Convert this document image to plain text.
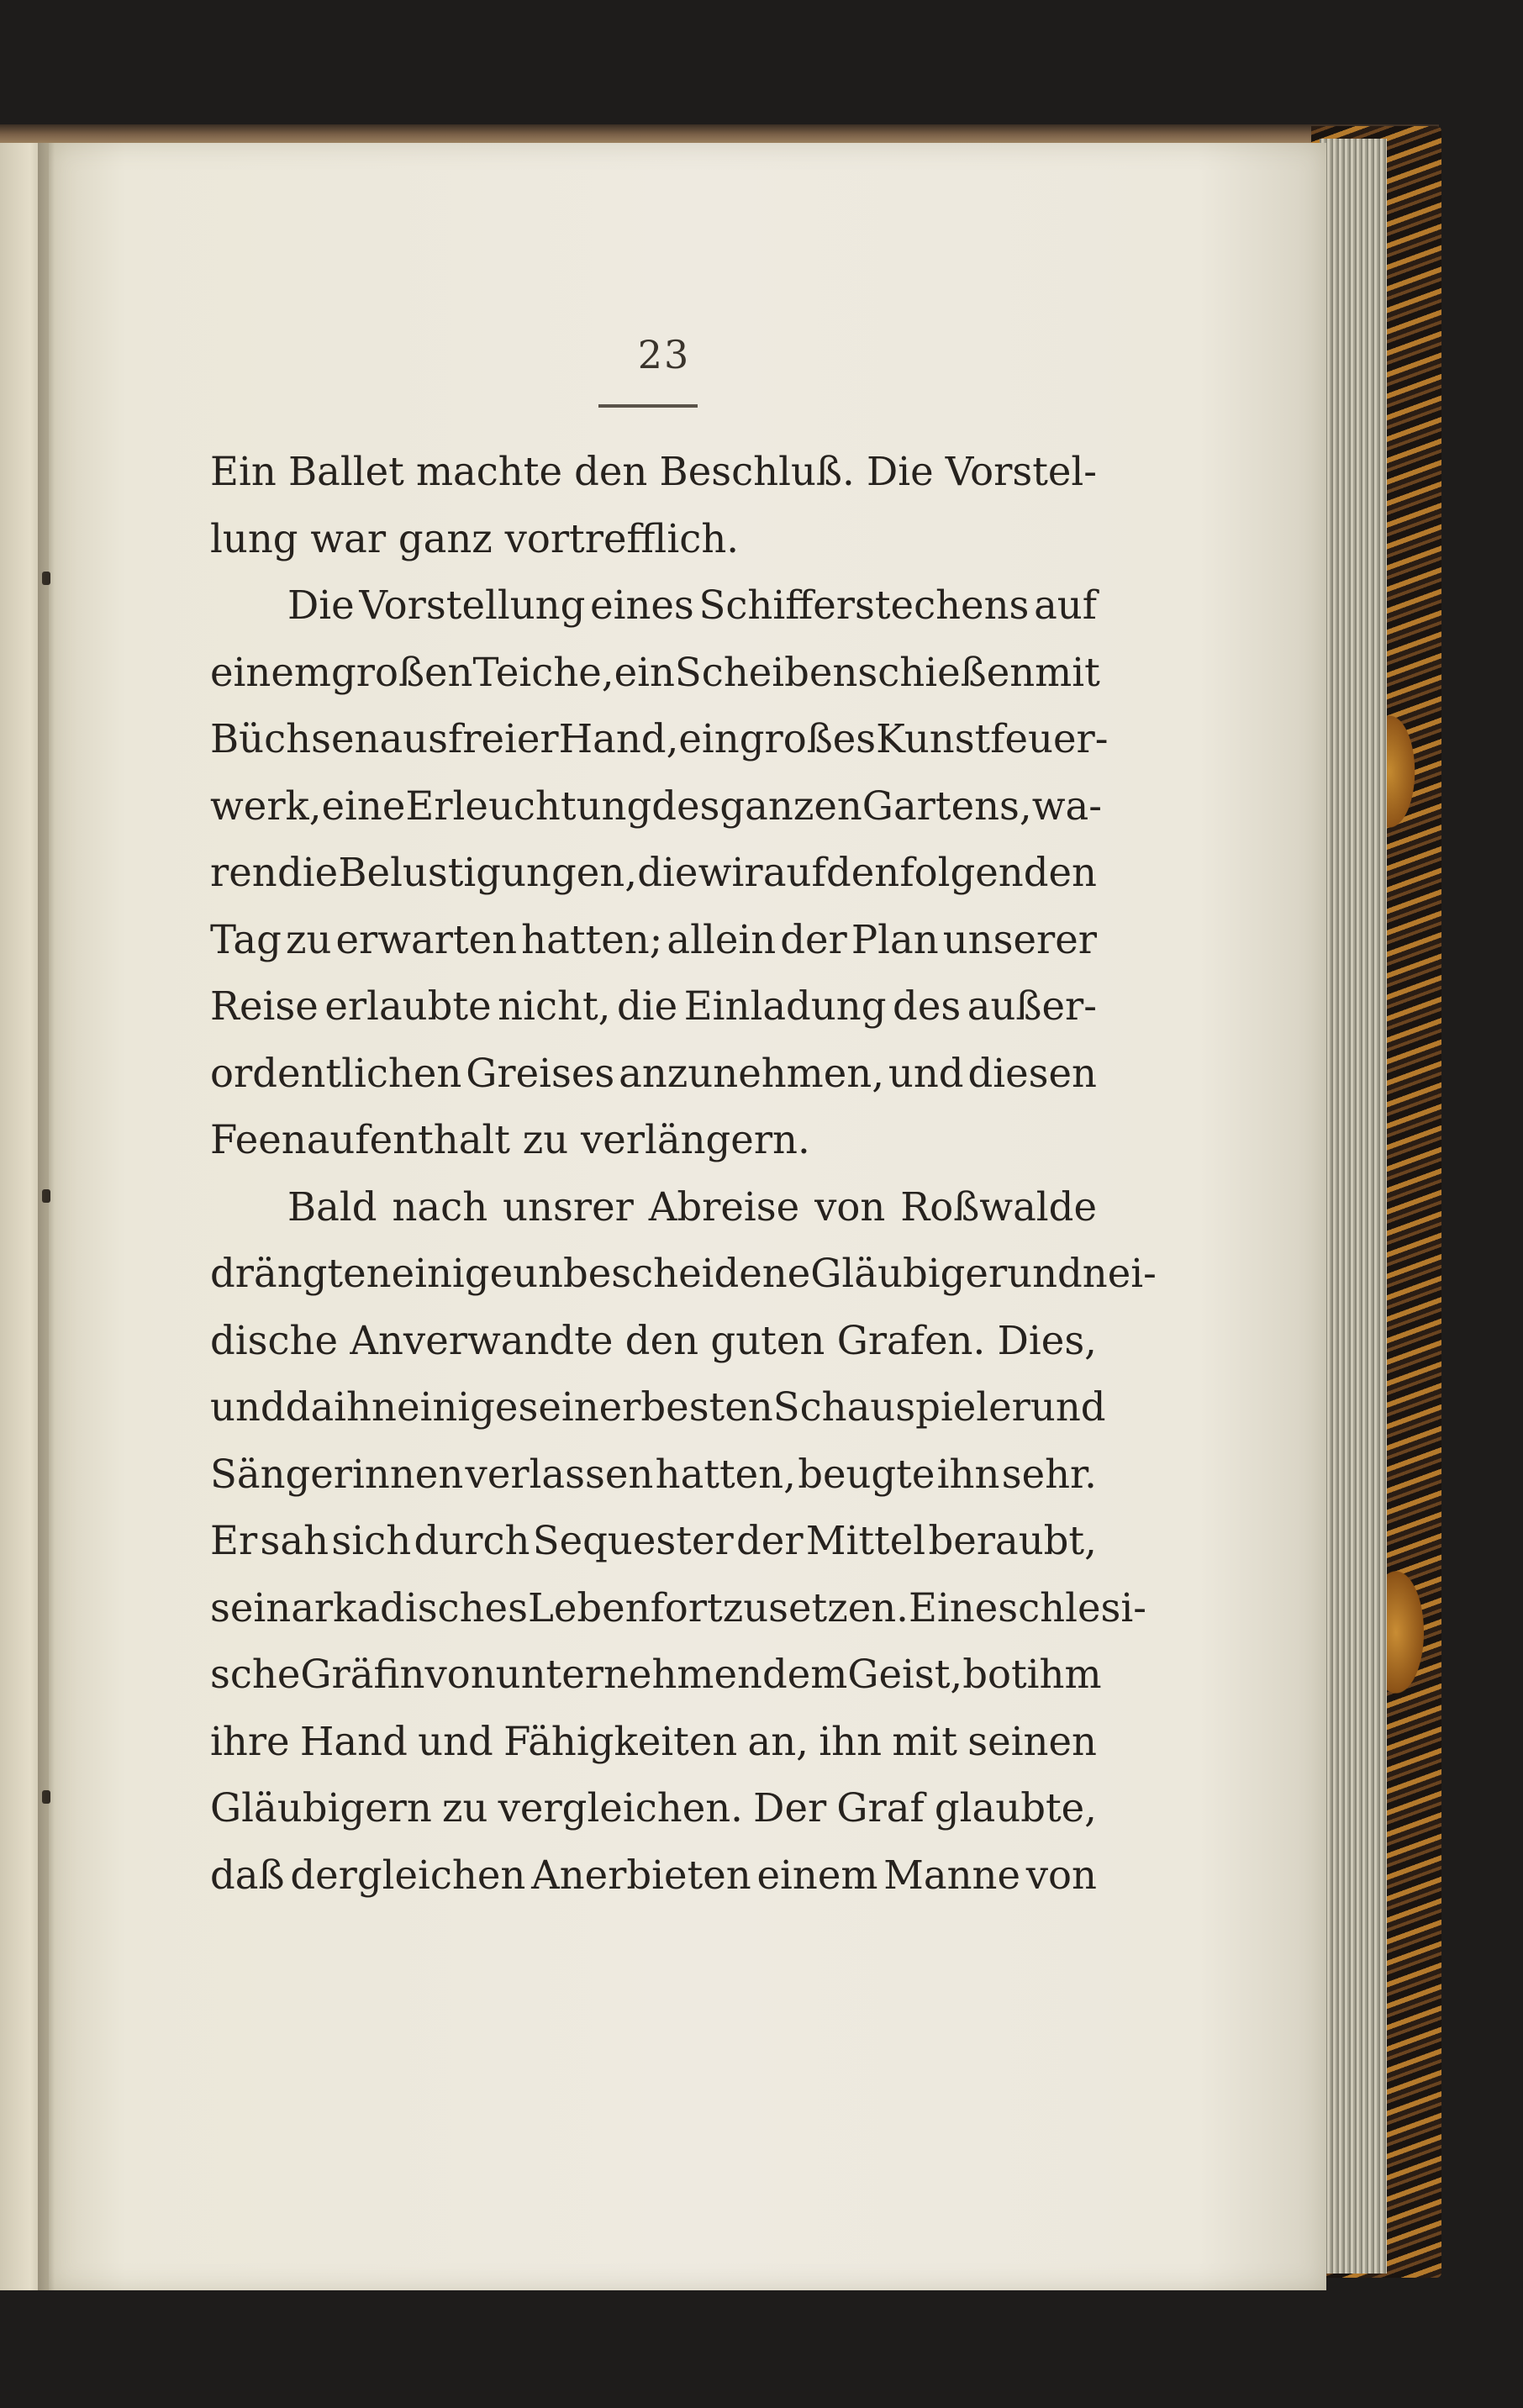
23
Ein Ballet machte den Beschluß. Die Vorstel-
lung war ganz vortrefflich.
Die Vorstellung eines Schifferstechens auf
einem großen Teiche, ein Scheibenschießen mit
Büchsen aus freier Hand, ein großes Kunstfeuer-
werk, eine Erleuchtung des ganzen Gartens, wa-
ren die Belustigungen, die wir auf den folgenden
Tag zu erwarten hatten; allein der Plan unserer
Reise erlaubte nicht, die Einladung des außer-
ordentlichen Greises anzunehmen, und diesen
Feenaufenthalt zu verlängern.
Bald nach unsrer Abreise von Roßwalde
drängten einige unbescheidene Gläubiger und nei-
dische Anverwandte den guten Grafen. Dies,
und da ihn einige seiner besten Schauspieler und
Sängerinnen verlassen hatten, beugte ihn sehr.
Er sah sich durch Sequester der Mittel beraubt,
sein arkadisches Leben fortzusetzen. Eine schlesi-
sche Gräfin von unternehmendem Geist, bot ihm
ihre Hand und Fähigkeiten an, ihn mit seinen
Gläubigern zu vergleichen. Der Graf glaubte,
daß dergleichen Anerbieten einem Manne von
